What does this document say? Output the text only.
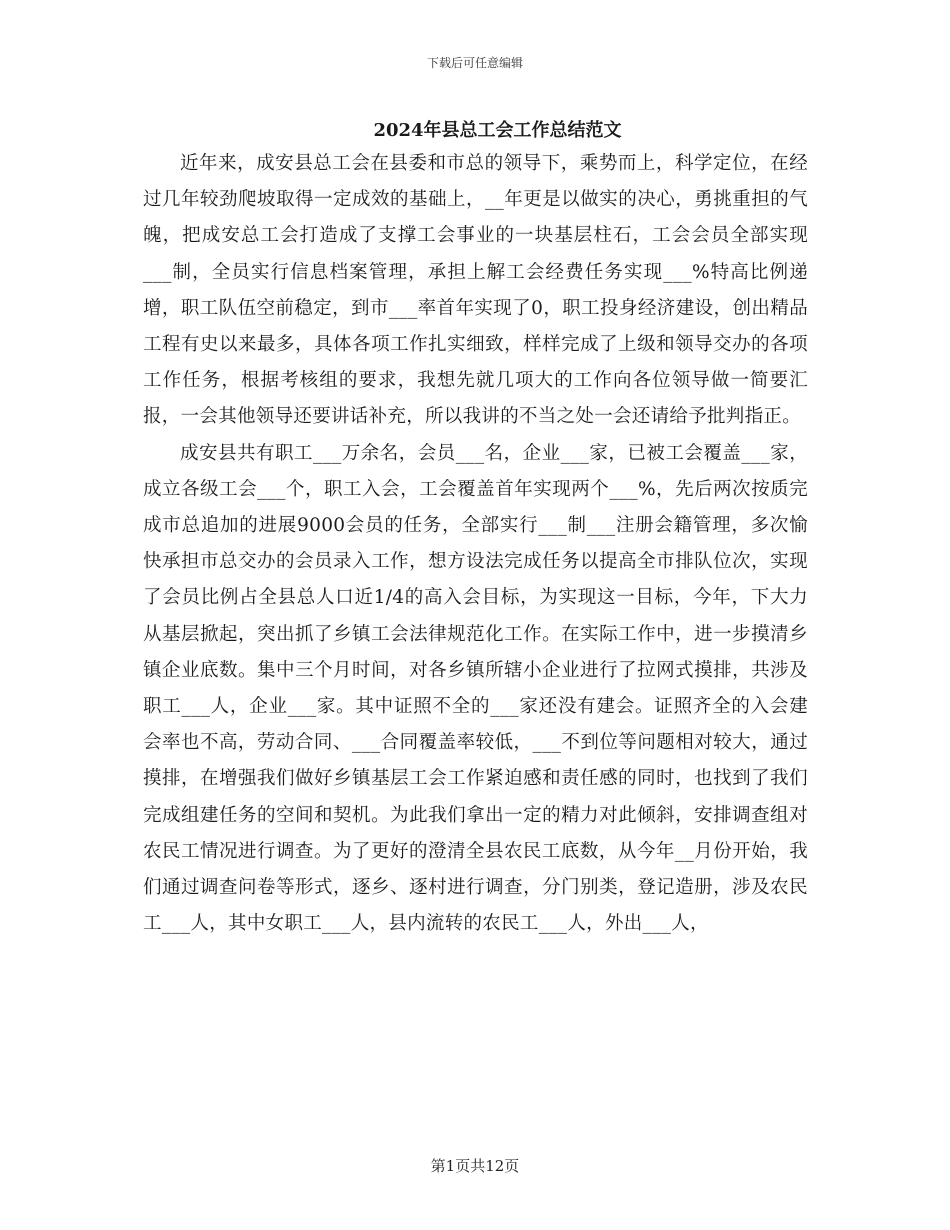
下载后可任意编辑
2024年县总工会工作总结范文

近年来，成安县总工会在县委和市总的领导下，乘势而上，科学定位，在经过几年较劲爬坡取得一定成效的基础上，__年更是以做实的决心，勇挑重担的气魄，把成安总工会打造成了支撑工会事业的一块基层柱石，工会会员全部实现___制，全员实行信息档案管理，承担上解工会经费任务实现___%特高比例递增，职工队伍空前稳定，到市___率首年实现了0，职工投身经济建设，创出精品工程有史以来最多，具体各项工作扎实细致，样样完成了上级和领导交办的各项工作任务，根据考核组的要求，我想先就几项大的工作向各位领导做一简要汇报，一会其他领导还要讲话补充，所以我讲的不当之处一会还请给予批判指正。

成安县共有职工___万余名，会员___名，企业___家，已被工会覆盖___家，成立各级工会___个，职工入会，工会覆盖首年实现两个___%，先后两次按质完成市总追加的进展9000会员的任务，全部实行___制___注册会籍管理，多次愉快承担市总交办的会员录入工作，想方设法完成任务以提高全市排队位次，实现了会员比例占全县总人口近1/4的高入会目标，为实现这一目标，今年，下大力从基层掀起，突出抓了乡镇工会法律规范化工作。在实际工作中，进一步摸清乡镇企业底数。集中三个月时间，对各乡镇所辖小企业进行了拉网式摸排，共涉及职工___人，企业___家。其中证照不全的___家还没有建会。证照齐全的入会建会率也不高，劳动合同、___合同覆盖率较低，___不到位等问题相对较大，通过摸排，在增强我们做好乡镇基层工会工作紧迫感和责任感的同时，也找到了我们完成组建任务的空间和契机。为此我们拿出一定的精力对此倾斜，安排调查组对农民工情况进行调查。为了更好的澄清全县农民工底数，从今年__月份开始，我们通过调查问卷等形式，逐乡、逐村进行调查，分门别类，登记造册，涉及农民工___人，其中女职工___人，县内流转的农民工___人，外出___人，

第1页共12页
